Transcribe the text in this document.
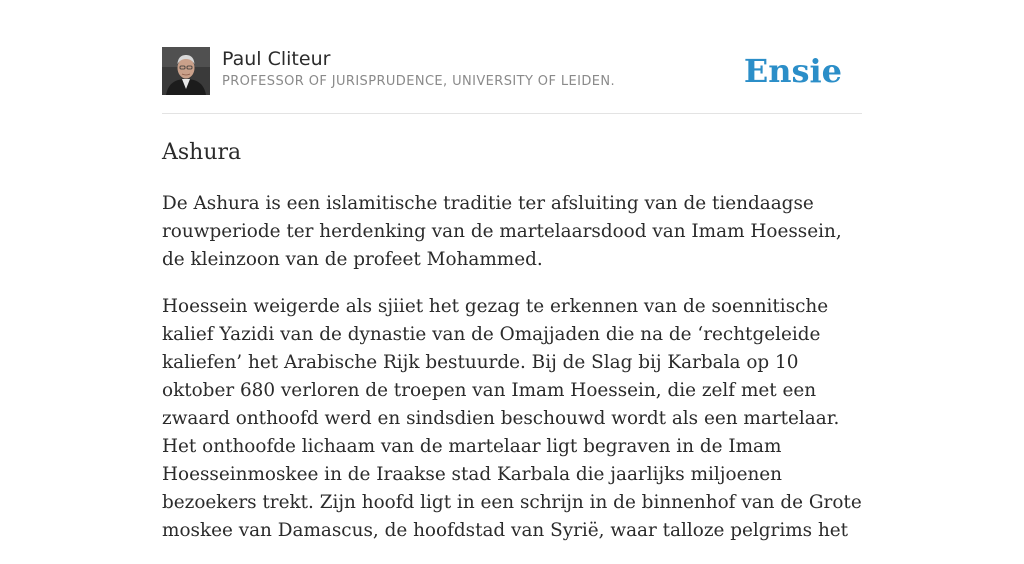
Paul Cliteur
PROFESSOR OF JURISPRUDENCE, UNIVERSITY OF LEIDEN.	Ensie
Ashura

De Ashura is een islamitische traditie ter afsluiting van de tiendaagse rouwperiode ter herdenking van de martelaarsdood van Imam Hoessein, de kleinzoon van de profeet Mohammed.

Hoessein weigerde als sjiiet het gezag te erkennen van de soennitische kalief Yazidi van de dynastie van de Omajjaden die na de ‘rechtgeleide kaliefen’ het Arabische Rijk bestuurde. Bij de Slag bij Karbala op 10 oktober 680 verloren de troepen van Imam Hoessein, die zelf met een zwaard onthoofd werd en sindsdien beschouwd wordt als een martelaar. Het onthoofde lichaam van de martelaar ligt begraven in de Imam Hoesseinmoskee in de Iraakse stad Karbala die jaarlijks miljoenen bezoekers trekt. Zijn hoofd ligt in een schrijn in de binnenhof van de Grote moskee van Damascus, de hoofdstad van Syrië, waar talloze pelgrims het
